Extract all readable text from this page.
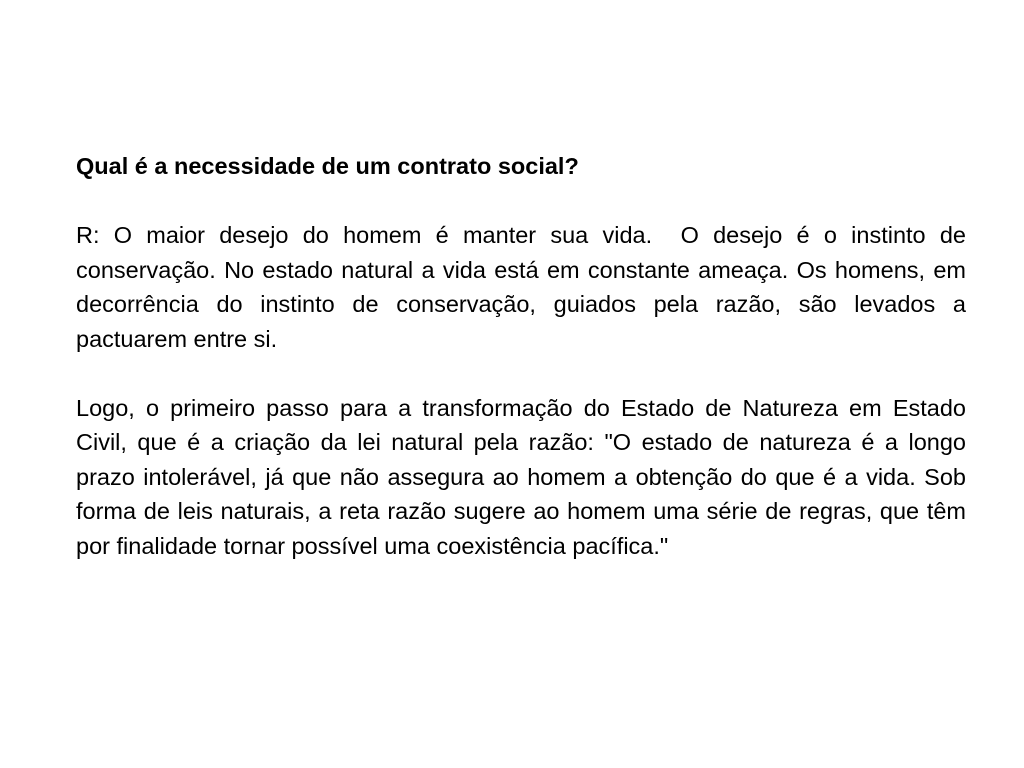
Qual é a necessidade de um contrato social?

R: O maior desejo do homem é manter sua vida.  O desejo é o instinto de conservação. No estado natural a vida está em constante ameaça. Os homens, em decorrência do instinto de conservação, guiados pela razão, são levados a pactuarem entre si.

Logo, o primeiro passo para a transformação do Estado de Natureza em Estado Civil, que é a criação da lei natural pela razão: "O estado de natureza é a longo prazo intolerável, já que não assegura ao homem a obtenção do que é a vida. Sob forma de leis naturais, a reta razão sugere ao homem uma série de regras, que têm por finalidade tornar possível uma coexistência pacífica."
